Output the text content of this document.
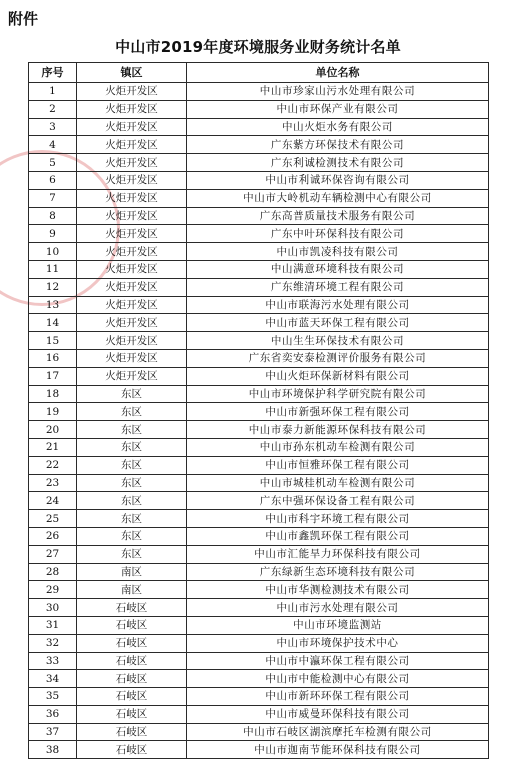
附件
中山市2019年度环境服务业财务统计名单
序号	镇区	单位名称
1	火炬开发区	中山市珍家山污水处理有限公司
2	火炬开发区	中山市环保产业有限公司
3	火炬开发区	中山火炬水务有限公司
4	火炬开发区	广东紫方环保技术有限公司
5	火炬开发区	广东利诚检测技术有限公司
6	火炬开发区	中山市利诚环保咨询有限公司
7	火炬开发区	中山市大岭机动车辆检测中心有限公司
8	火炬开发区	广东高普质量技术服务有限公司
9	火炬开发区	广东中叶环保科技有限公司
10	火炬开发区	中山市凯凌科技有限公司
11	火炬开发区	中山满意环境科技有限公司
12	火炬开发区	广东维清环境工程有限公司
13	火炬开发区	中山市联海污水处理有限公司
14	火炬开发区	中山市蓝天环保工程有限公司
15	火炬开发区	中山生生环保技术有限公司
16	火炬开发区	广东省奕安泰检测评价服务有限公司
17	火炬开发区	中山火炬环保新材料有限公司
18	东区	中山市环境保护科学研究院有限公司
19	东区	中山市新强环保工程有限公司
20	东区	中山市泰力新能源环保科技有限公司
21	东区	中山市孙东机动车检测有限公司
22	东区	中山市恒雅环保工程有限公司
23	东区	中山市城桂机动车检测有限公司
24	东区	广东中强环保设备工程有限公司
25	东区	中山市科宇环境工程有限公司
26	东区	中山市鑫凯环保工程有限公司
27	东区	中山市汇能旱力环保科技有限公司
28	南区	广东绿新生态环境科技有限公司
29	南区	中山市华测检测技术有限公司
30	石岐区	中山市污水处理有限公司
31	石岐区	中山市环境监测站
32	石岐区	中山市环境保护技术中心
33	石岐区	中山市中瀛环保工程有限公司
34	石岐区	中山市中能检测中心有限公司
35	石岐区	中山市新环环保工程有限公司
36	石岐区	中山市威曼环保科技有限公司
37	石岐区	中山市石岐区湖滨摩托车检测有限公司
38	石岐区	中山市迦南节能环保科技有限公司
